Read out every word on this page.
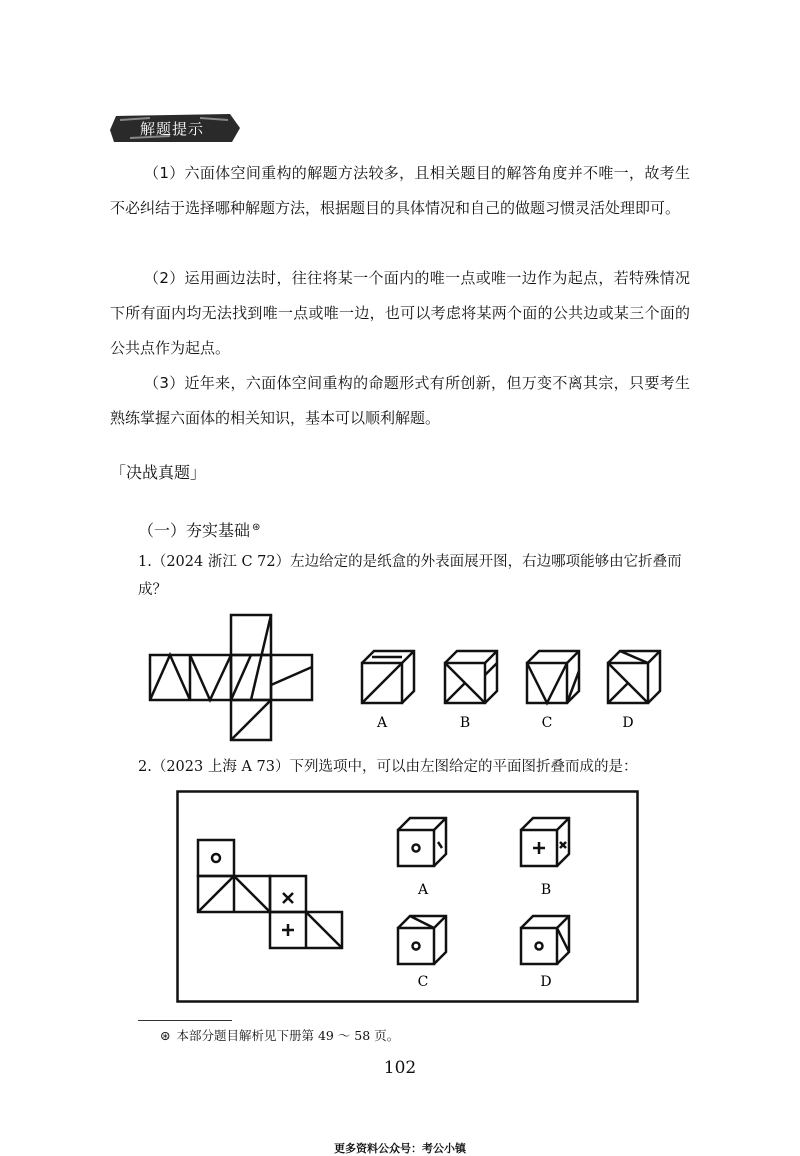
解题提示

（1）六面体空间重构的解题方法较多，且相关题目的解答角度并不唯一，故考生不必纠结于选择哪种解题方法，根据题目的具体情况和自己的做题习惯灵活处理即可。

（2）运用画边法时，往往将某一个面内的唯一点或唯一边作为起点，若特殊情况下所有面内均无法找到唯一点或唯一边，也可以考虑将某两个面的公共边或某三个面的公共点作为起点。

（3）近年来，六面体空间重构的命题形式有所创新，但万变不离其宗，只要考生熟练掌握六面体的相关知识，基本可以顺利解题。

「决战真题」
（一）夯实基础 ⊛

1.（2024 浙江 C 72）左边给定的是纸盒的外表面展开图，右边哪项能够由它折叠而成？

A	B	C	D

2.（2023 上海 A 73）下列选项中，可以由左图给定的平面图折叠而成的是：

A	B
C	D
⊛ 本部分题目解析见下册第 49 ～ 58 页。
102
更多资料公众号：考公小镇
